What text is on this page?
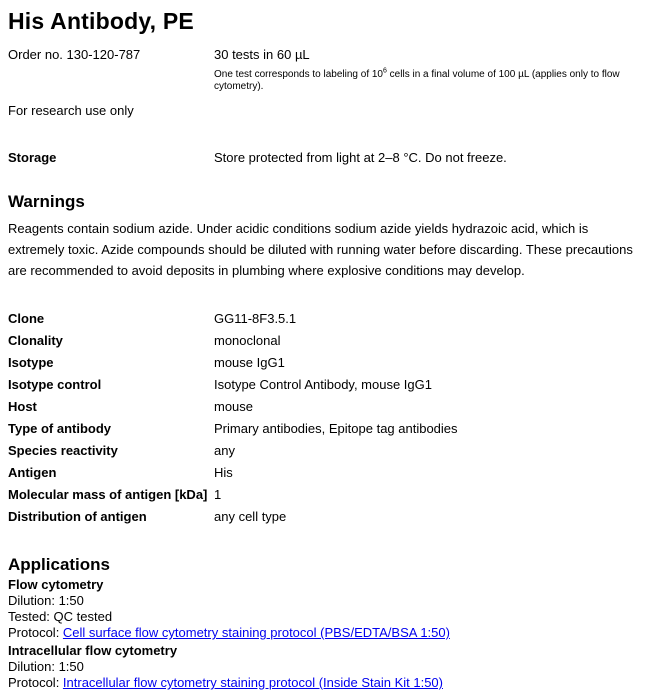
His Antibody, PE
Order no. 130-120-787	30 tests in 60 µL
One test corresponds to labeling of $10^6$ cells in a final volume of 100 µL (applies only to flow cytometry).
For research use only
Storage	Store protected from light at 2–8 °C. Do not freeze.
Warnings

Reagents contain sodium azide. Under acidic conditions sodium azide yields hydrazoic acid, which is extremely toxic. Azide compounds should be diluted with running water before discarding. These precautions are recommended to avoid deposits in plumbing where explosive conditions may develop.

Clone	GG11-8F3.5.1
Clonality	monoclonal
Isotype	mouse IgG1
Isotype control	Isotype Control Antibody, mouse IgG1
Host	mouse
Type of antibody	Primary antibodies, Epitope tag antibodies
Species reactivity	any
Antigen	His
Molecular mass of antigen [kDa] 1
Distribution of antigen	any cell type
Applications
Flow cytometry
Dilution: 1:50
Tested: QC tested
Protocol: Cell surface flow cytometry staining protocol (PBS/EDTA/BSA 1:50)
Intracellular flow cytometry
Dilution: 1:50
Protocol: Intracellular flow cytometry staining protocol (Inside Stain Kit 1:50)
